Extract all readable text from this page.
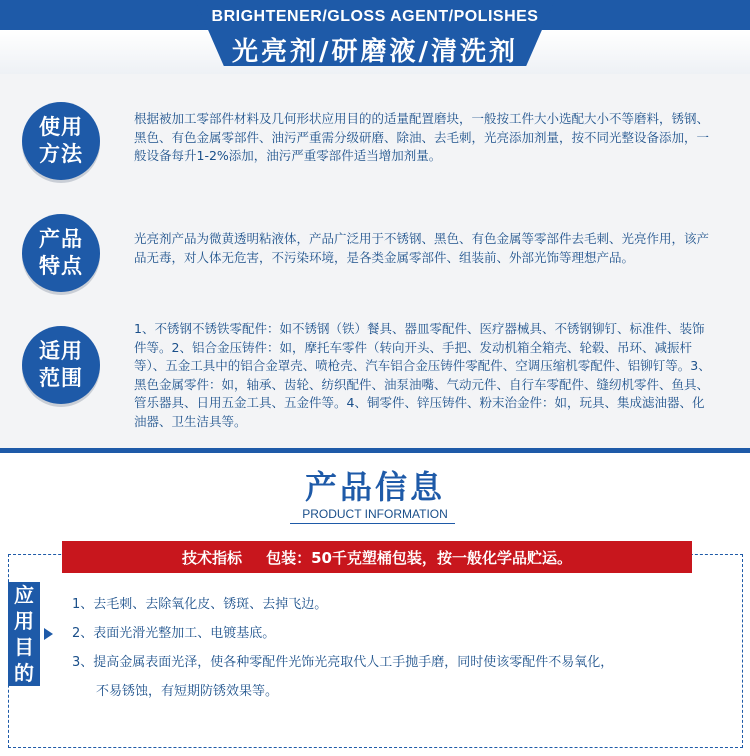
BRIGHTENER/GLOSS AGENT/POLISHES
光亮剂/研磨液/清洗剂
使用
方法
根据被加工零部件材料及几何形状应用目的的适量配置磨块，一般按工件大小选配大小不等磨料，锈钢、黑色、有色金属零部件、油污严重需分级研磨、除油、去毛刺，光亮添加剂量，按不同光整设备添加，一般设备每升1-2%添加，油污严重零部件适当增加剂量。
产品
特点
光亮剂产品为微黄透明粘液体，产品广泛用于不锈钢、黑色、有色金属等零部件去毛刺、光亮作用，该产品无毒，对人体无危害，不污染环境，是各类金属零部件、组装前、外部光饰等理想产品。
适用
范围
1、不锈钢不锈铁零配件：如不锈钢（铁）餐具、器皿零配件、医疗器械具、不锈钢铆钉、标准件、装饰件等。2、铝合金压铸件：如，摩托车零件（转向开头、手把、发动机箱全箱壳、轮毂、吊环、减振杆等）、五金工具中的铝合金罩壳、喷枪壳、汽车铝合金压铸件零配件、空调压缩机零配件、铝铆钉等。3、黑色金属零件：如，轴承、齿轮、纺织配件、油泵油嘴、气动元件、自行车零配件、缝纫机零件、鱼具、管乐器具、日用五金工具、五金件等。4、铜零件、锌压铸件、粉末治金件：如，玩具、集成滤油器、化油器、卫生洁具等。
产品信息
PRODUCT INFORMATION
技术指标 包装：50千克塑桶包装，按一般化学品贮运。
应
用
目
的
1、去毛刺、去除氧化皮、锈斑、去掉飞边。
2、表面光滑光整加工、电镀基底。
3、提高金属表面光泽，使各种零配件光饰光亮取代人工手抛手磨，同时使该零配件不易氧化，
不易锈蚀，有短期防锈效果等。
